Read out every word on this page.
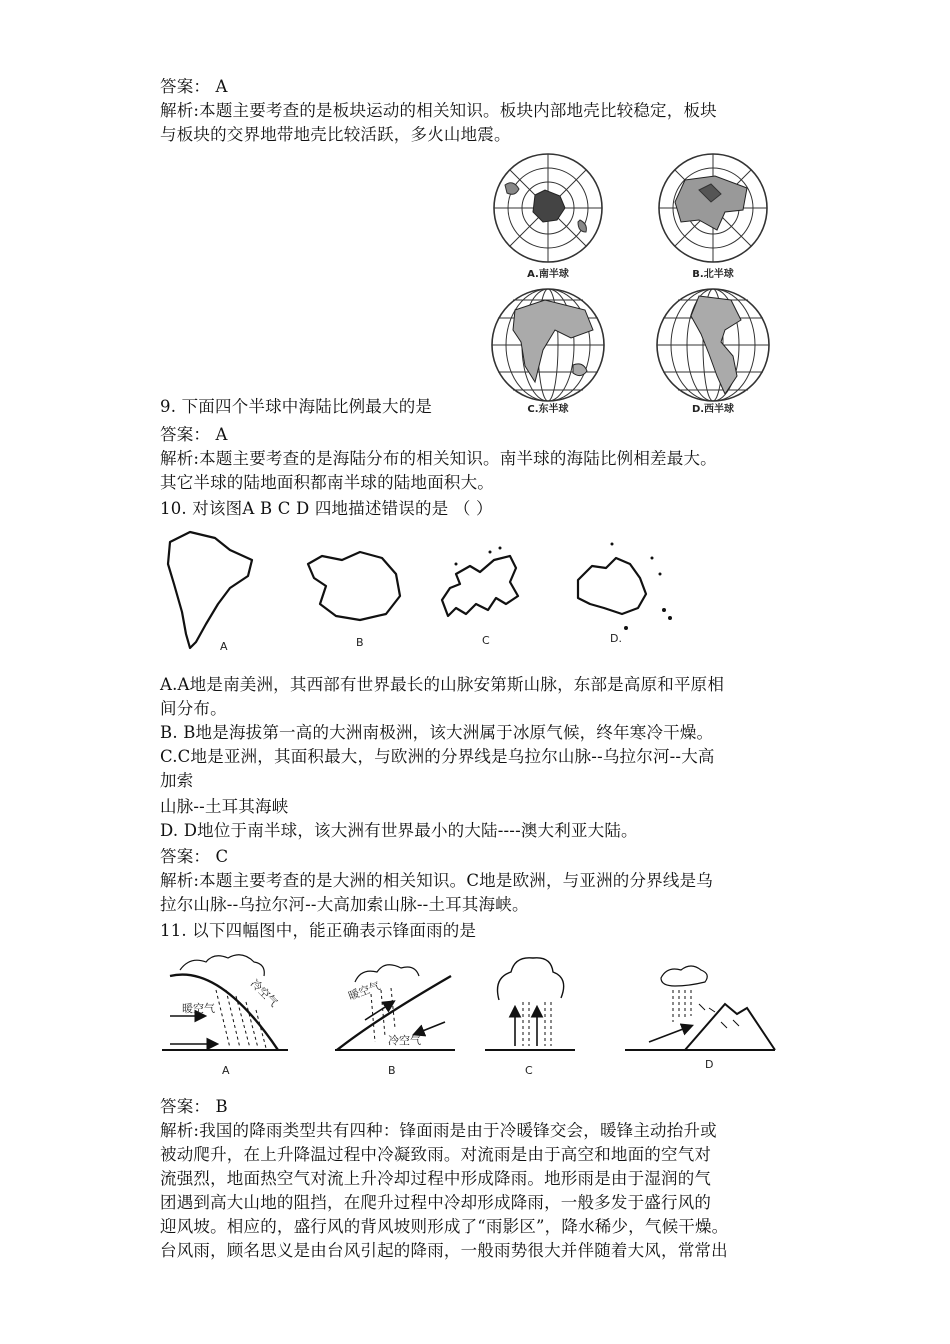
答案： A
解析:本题主要考查的是板块运动的相关知识。板块内部地壳比较稳定，板块
与板块的交界地带地壳比较活跃，多火山地震。
A.南半球	B.北半球
C.东半球	D.西半球
9. 下面四个半球中海陆比例最大的是
答案： A
解析:本题主要考查的是海陆分布的相关知识。南半球的海陆比例相差最大。
其它半球的陆地面积都南半球的陆地面积大。
10. 对该图A B C D 四地描述错误的是 （ ）
A	B	C	D.
A.A地是南美洲，其西部有世界最长的山脉安第斯山脉，东部是高原和平原相
间分布。
B. B地是海拔第一高的大洲南极洲，该大洲属于冰原气候，终年寒冷干燥。
C.C地是亚洲，其面积最大，与欧洲的分界线是乌拉尔山脉--乌拉尔河--大高
加索
山脉--土耳其海峡
D. D地位于南半球，该大洲有世界最小的大陆----澳大利亚大陆。
答案： C
解析:本题主要考查的是大洲的相关知识。C地是欧洲，与亚洲的分界线是乌
拉尔山脉--乌拉尔河--大高加索山脉--土耳其海峡。
11. 以下四幅图中，能正确表示锋面雨的是
暖空气	冷空气	暖空气
冷空气
A	B	C	D
答案： B
解析:我国的降雨类型共有四种：锋面雨是由于冷暖锋交会，暖锋主动抬升或
被动爬升，在上升降温过程中冷凝致雨。对流雨是由于高空和地面的空气对
流强烈，地面热空气对流上升冷却过程中形成降雨。地形雨是由于湿润的气
团遇到高大山地的阻挡，在爬升过程中冷却形成降雨，一般多发于盛行风的
迎风坡。相应的，盛行风的背风坡则形成了“雨影区”，降水稀少，气候干燥。
台风雨，顾名思义是由台风引起的降雨，一般雨势很大并伴随着大风，常常出
